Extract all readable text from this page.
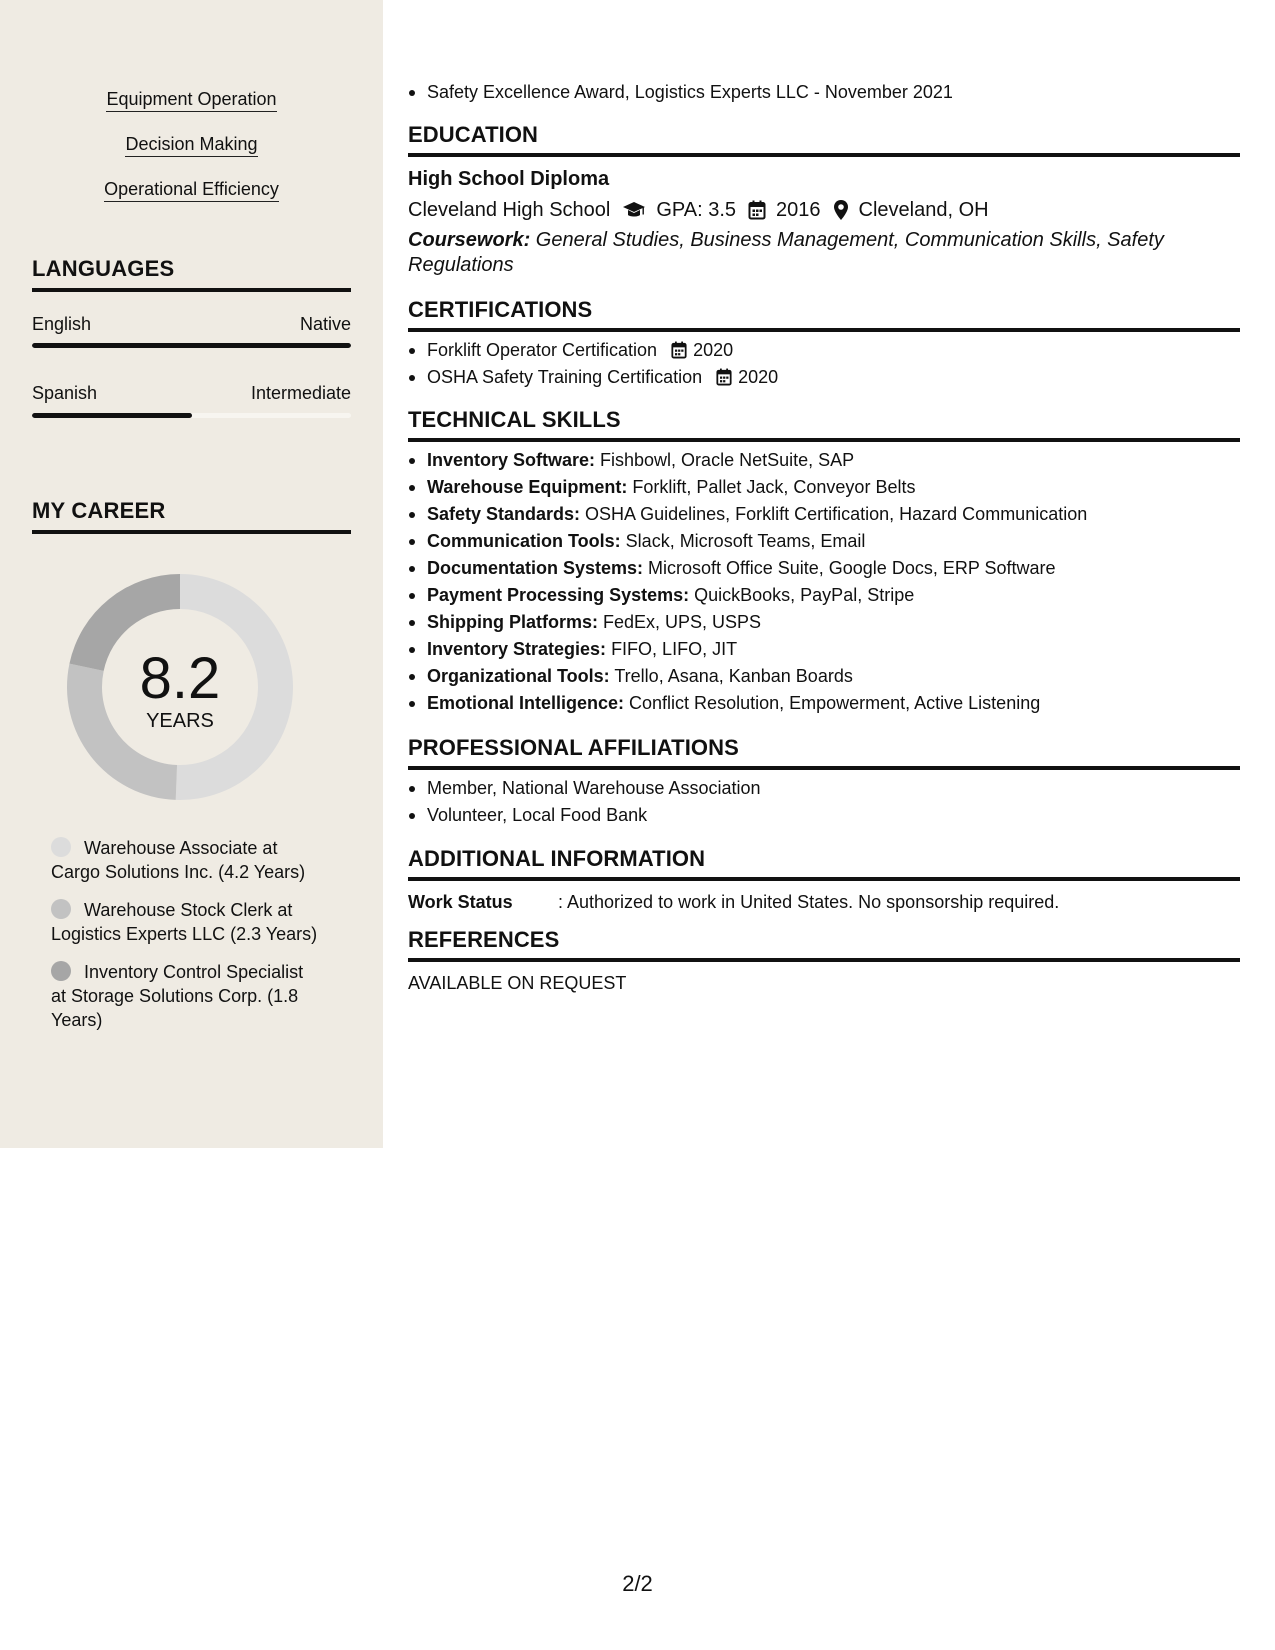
Equipment Operation
Decision Making
Operational Efficiency
LANGUAGES
English	Native
Spanish	Intermediate
MY CAREER
8.2
YEARS
Warehouse Associate at Cargo Solutions Inc. (4.2 Years)
Warehouse Stock Clerk at Logistics Experts LLC (2.3 Years)
Inventory Control Specialist at Storage Solutions Corp. (1.8 Years)
Safety Excellence Award, Logistics Experts LLC - November 2021
EDUCATION
High School Diploma
Cleveland High School GPA: 3.5 2016 Cleveland, OH
Coursework: General Studies, Business Management, Communication Skills, Safety Regulations
CERTIFICATIONS
Forklift Operator Certification 2020
OSHA Safety Training Certification 2020
TECHNICAL SKILLS
Inventory Software: Fishbowl, Oracle NetSuite, SAP
Warehouse Equipment: Forklift, Pallet Jack, Conveyor Belts
Safety Standards: OSHA Guidelines, Forklift Certification, Hazard Communication
Communication Tools: Slack, Microsoft Teams, Email
Documentation Systems: Microsoft Office Suite, Google Docs, ERP Software
Payment Processing Systems: QuickBooks, PayPal, Stripe
Shipping Platforms: FedEx, UPS, USPS
Inventory Strategies: FIFO, LIFO, JIT
Organizational Tools: Trello, Asana, Kanban Boards
Emotional Intelligence: Conflict Resolution, Empowerment, Active Listening
PROFESSIONAL AFFILIATIONS
Member, National Warehouse Association
Volunteer, Local Food Bank
ADDITIONAL INFORMATION
Work Status	: Authorized to work in United States. No sponsorship required.
REFERENCES
AVAILABLE ON REQUEST
2/2
